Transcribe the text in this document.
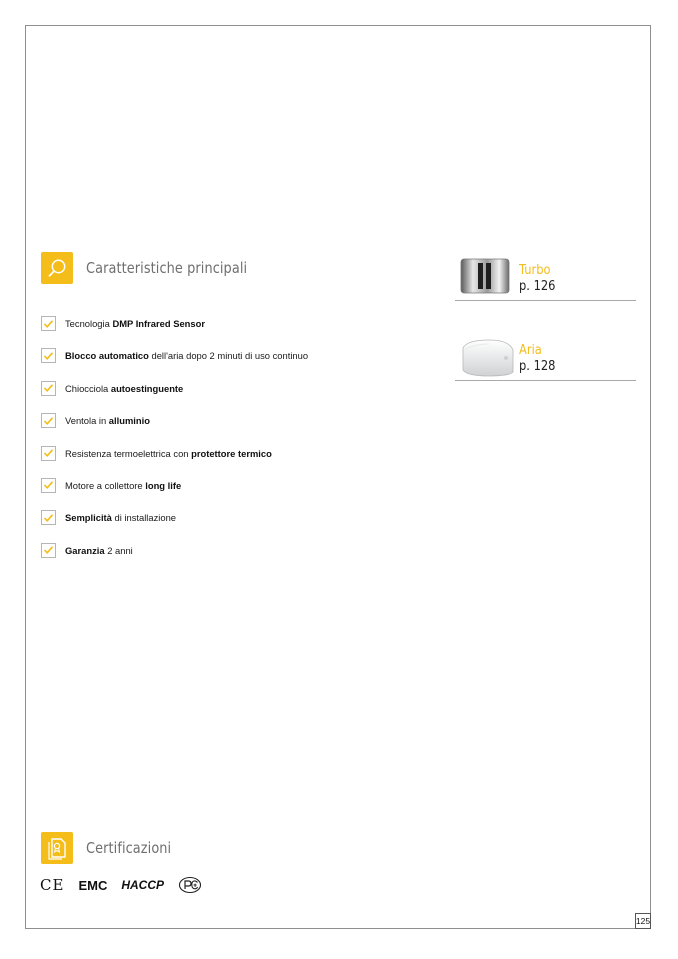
Caratteristiche principali
Tecnologia DMP Infrared Sensor
Blocco automatico dell'aria dopo 2 minuti di uso continuo
Chiocciola autoestinguente
Ventola in alluminio
Resistenza termoelettrica con protettore termico
Motore a collettore long life
Semplicità di installazione
Garanzia 2 anni
Turbo
p. 126
Aria
p. 128
Certificazioni
CE EMC HACCP
125
